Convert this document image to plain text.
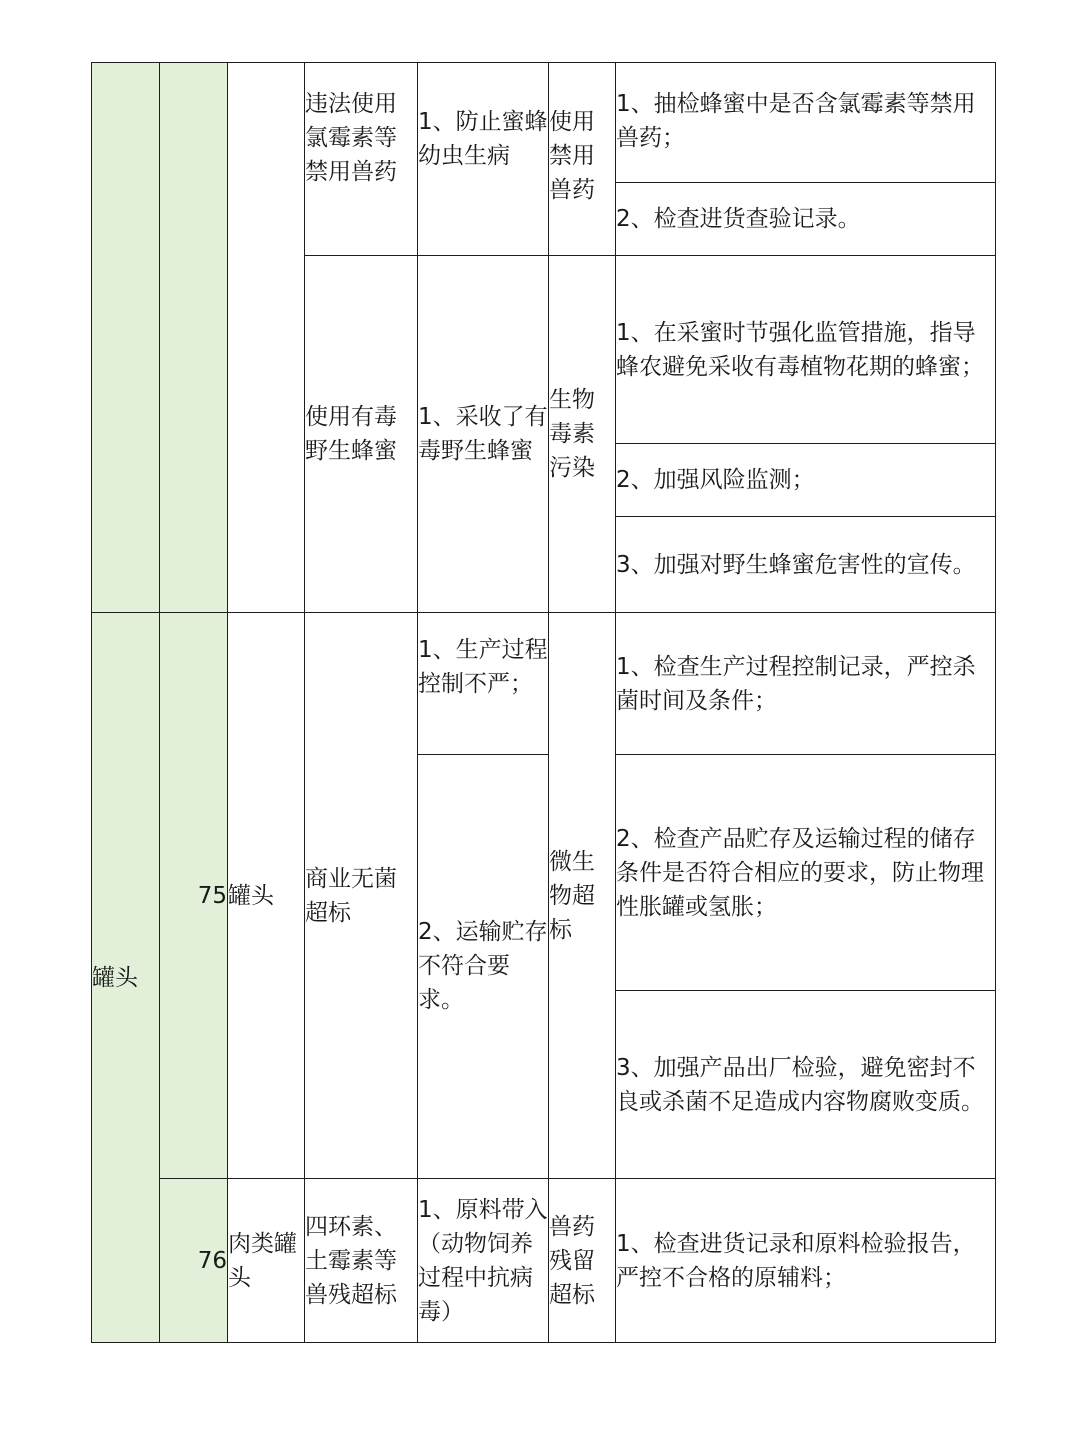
			违法使用氯霉素等禁用兽药	1、防止蜜蜂幼虫生病	使用禁用兽药	1、抽检蜂蜜中是否含氯霉素等禁用兽药；
						2、检查进货查验记录。
			使用有毒野生蜂蜜	1、采收了有毒野生蜂蜜	生物毒素污染	1、在采蜜时节强化监管措施，指导蜂农避免采收有毒植物花期的蜂蜜；
						2、加强风险监测；
						3、加强对野生蜂蜜危害性的宣传。

罐头	75	罐头	商业无菌超标	1、生产过程控制不严；	微生物超标	1、检查生产过程控制记录，严控杀菌时间及条件；
				2、运输贮存不符合要求。		2、检查产品贮存及运输过程的储存条件是否符合相应的要求，防止物理性胀罐或氢胀；
						3、加强产品出厂检验，避免密封不良或杀菌不足造成内容物腐败变质。

	76	肉类罐头	四环素、土霉素等兽残超标	1、原料带入（动物饲养过程中抗病毒）	兽药残留超标	1、检查进货记录和原料检验报告，严控不合格的原辅料；
